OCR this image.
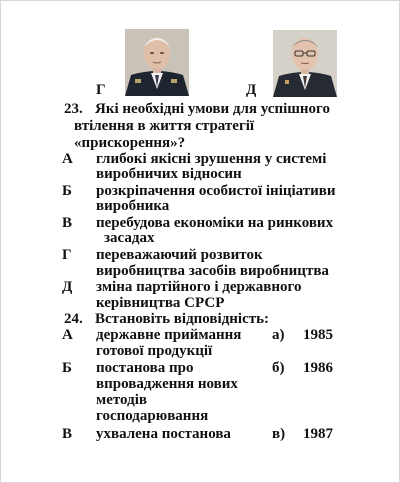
Г	Д
23. Які необхідні умови для успішного
втілення в життя стратегії
«прискорення»?
А глибокі якісні зрушення у системі
виробничих відносин
Б розкріпачення особистої ініціативи
виробника
В перебудова економіки на ринкових
засадах
Г переважаючий розвиток
виробництва засобів виробництва
Д зміна партійного і державного
керівництва СРСР
24. Встановіть відповідність:
А державне приймання
готової продукції
а) 1985
Б постанова про
впровадження нових
методів
господарювання
б) 1986
В ухвалена постанова	в) 1987
